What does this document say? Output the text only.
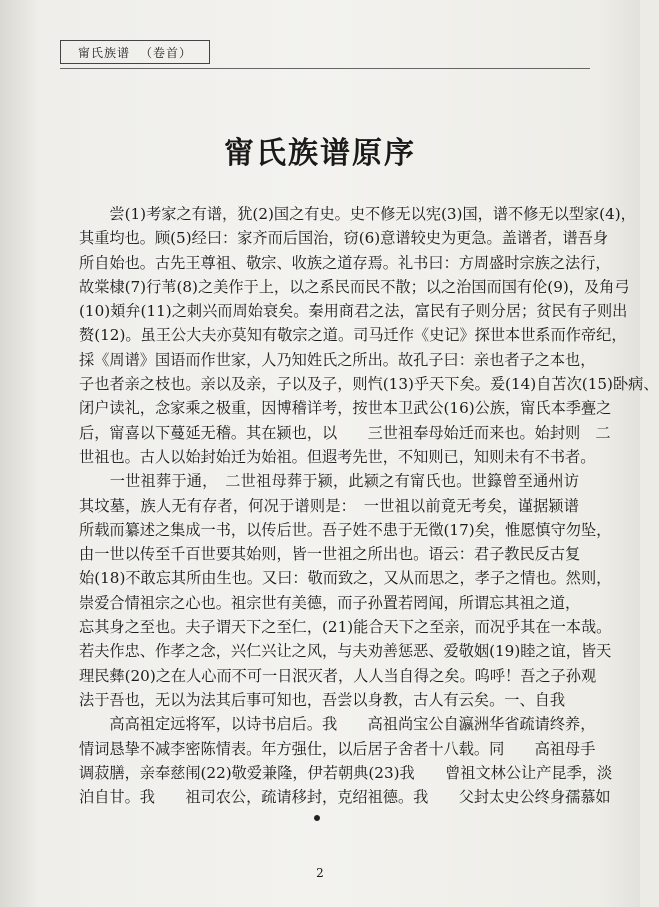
甯氏族谱 （卷首）
甯氏族谱原序
　　尝(1)考家之有谱，犹(2)国之有史。史不修无以宪(3)国，谱不修无以型家(4)，
其重均也。顾(5)经曰：家齐而后国治，窃(6)意谱较史为更急。盖谱者，谱吾身
所自始也。古先王尊祖、敬宗、收族之道存焉。礼书曰：方周盛时宗族之法行，
故棠棣(7)行苇(8)之美作于上，以之系民而民不散；以之治国而国有伦(9)，及角弓
(10)頍弁(11)之刺兴而周始衰矣。秦用商君之法，富民有子则分居；贫民有子则出
赘(12)。虽王公大夫亦莫知有敬宗之道。司马迁作《史记》探世本世系而作帝纪，
採《周谱》国语而作世家，人乃知姓氏之所出。故孔子曰：亲也者子之本也，
子也者亲之枝也。亲以及亲，子以及子，则忾(13)乎天下矣。爰(14)自苫次(15)卧病、
闭户读礼，念家乘之极重，因博稽详考，按世本卫武公(16)公族，甯氏本季亹之
后，甯喜以下蔓延无稽。其在颍也，以　　三世祖奉母始迁而来也。始封则　二
世祖也。古人以始封始迁为始祖。但遐考先世，不知则已，知则未有不书者。
　　一世祖葬于通，　二世祖母葬于颍，此颍之有甯氏也。世籙曾至通州访
其坟墓，族人无有存者，何况于谱则是：　一世祖以前竟无考矣，谨据颍谱
所载而纂述之集成一书，以传后世。吾子姓不患于无徵(17)矣，惟愿慎守勿坠，
由一世以传至千百世要其始则，皆一世祖之所出也。语云：君子教民反古复
始(18)不敢忘其所由生也。又曰：敬而致之，又从而思之，孝子之情也。然则，
崇爱合情祖宗之心也。祖宗世有美德，而子孙置若罔闻，所谓忘其祖之道，
忘其身之至也。夫子谓天下之至仁，(21)能合天下之至亲，而况乎其在一本哉。
若夫作忠、作孝之念，兴仁兴让之风，与夫劝善惩恶、爱敬姻(19)睦之谊，皆天
理民彝(20)之在人心而不可一日泯灭者，人人当自得之矣。呜呼！吾之子孙观
法于吾也，无以为法其后事可知也，吾尝以身教，古人有云矣。一、自我
　　高高祖定远将军，以诗书启后。我　　高祖尚宝公自瀛洲华省疏请终养，
情词恳挚不减李密陈情表。年方强仕，以后居子舍者十八载。同　　高祖母手
调菽膳，亲奉慈闱(22)敬爱兼隆，伊若朝典(23)我　　曾祖文林公让产昆季，淡
泊自甘。我　　祖司农公，疏请移封，克绍祖德。我　　父封太史公终身孺慕如
2
